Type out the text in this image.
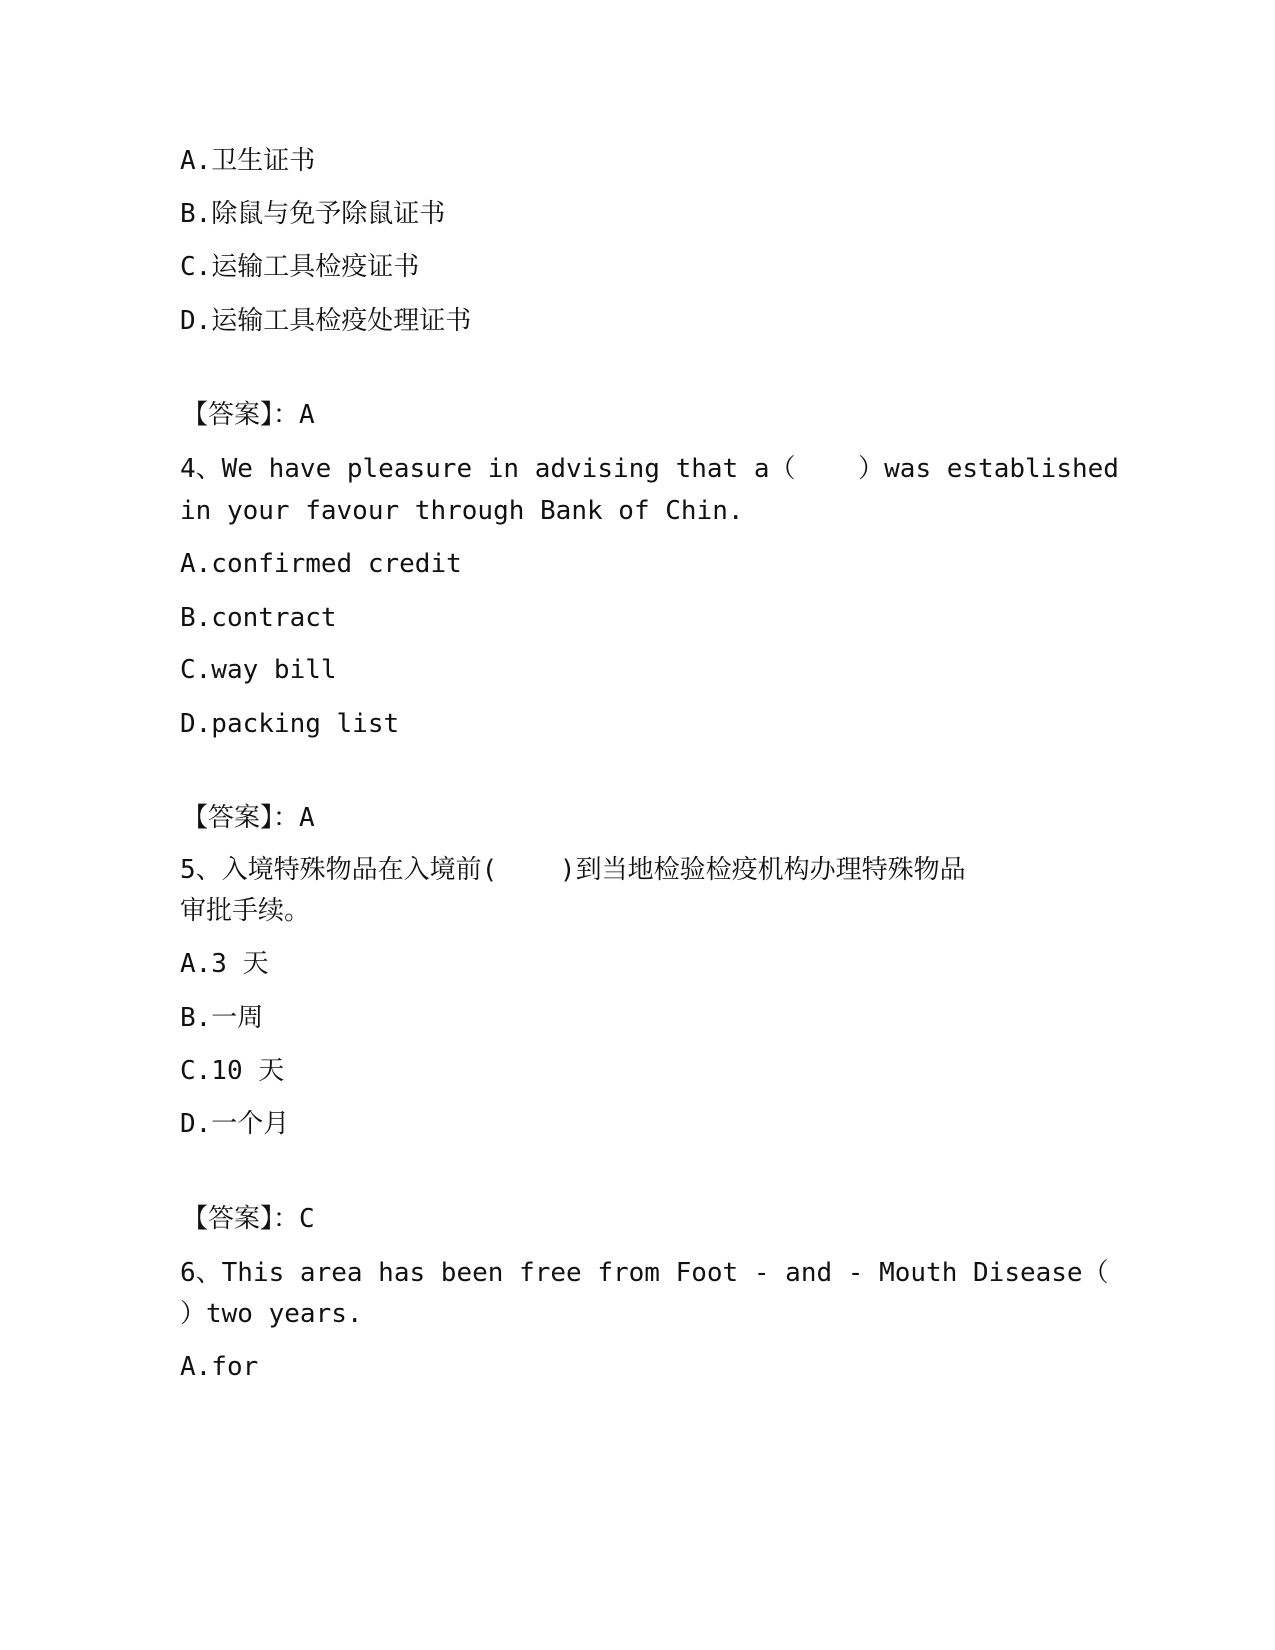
A.卫生证书
B.除鼠与免予除鼠证书
C.运输工具检疫证书
D.运输工具检疫处理证书
【答案】：A
4、We have pleasure in advising that a（    ）was established
in your favour through Bank of Chin.
A.confirmed credit
B.contract
C.way bill
D.packing list
【答案】：A
5、入境特殊物品在入境前(    )到当地检验检疫机构办理特殊物品
审批手续。
A.3 天
B.一周
C.10 天
D.一个月
【答案】：C
6、This area has been free from Foot - and - Mouth Disease（
）two years.
A.for
